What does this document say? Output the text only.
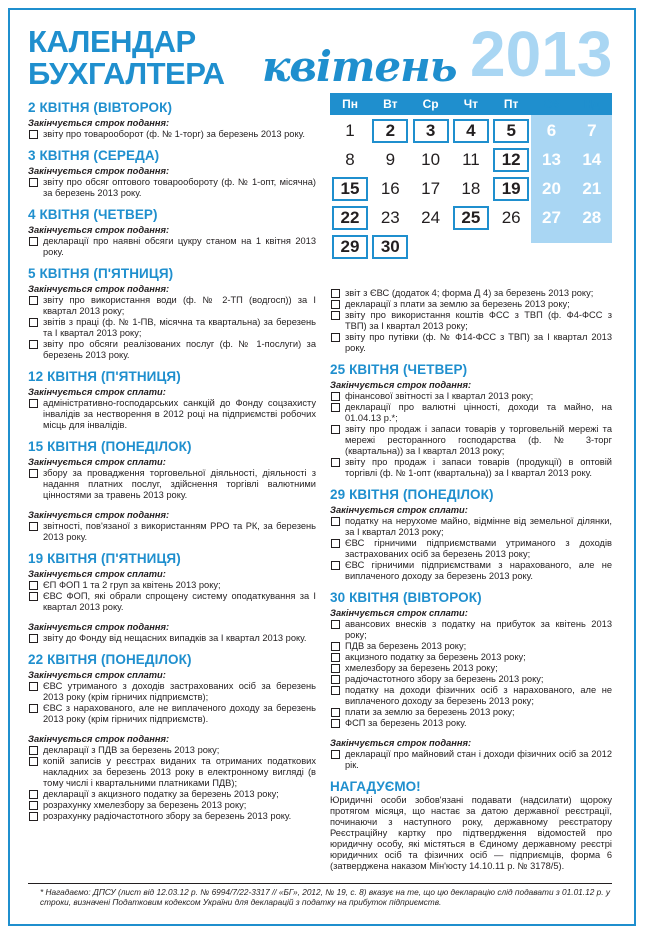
КАЛЕНДАР
БУХГАЛТЕРА квітень 2013
Пн	Вт	Ср	Чт	Пт	Сб	Нд
1	2	3	4	5	6	7
8	9	10	11	12	13	14
15	16	17	18	19	20	21
22	23	24	25	26	27	28
29	30
2 КВІТНЯ (ВІВТОРОК)
Закінчується строк подання:
звіту про товарооборот (ф. № 1-торг) за березень 2013 року.
3 КВІТНЯ (СЕРЕДА)
Закінчується строк подання:
звіту про обсяг оптового товарообороту (ф. № 1-опт, місячна) за березень 2013 року.
4 КВІТНЯ (ЧЕТВЕР)
Закінчується строк подання:
декларації про наявні обсяги цукру станом на 1 квітня 2013 року.
5 КВІТНЯ (П'ЯТНИЦЯ)
Закінчується строк подання:
звіту про використання води (ф. № 2-ТП (водгосп)) за I квартал 2013 року;
звітів з праці (ф. № 1-ПВ, місячна та квартальна) за березень та I квартал 2013 року;
звіту про обсяги реалізованих послуг (ф. № 1-послуги) за березень 2013 року.
12 КВІТНЯ (П'ЯТНИЦЯ)
Закінчується строк сплати:
адміністративно-господарських санкцій до Фонду соцзахисту інвалідів за нестворення в 2012 році на підприємстві робочих місць для інвалідів.
15 КВІТНЯ (ПОНЕДІЛОК)
Закінчується строк сплати:
збору за провадження торговельної діяльності, діяльності з надання платних послуг, здійснення торгівлі валютними цінностями за травень 2013 року.
Закінчується строк подання:
звітності, пов'язаної з використанням РРО та РК, за березень 2013 року.
19 КВІТНЯ (П'ЯТНИЦЯ)
Закінчується строк сплати:
ЄП ФОП 1 та 2 груп за квітень 2013 року;
ЄВС ФОП, які обрали спрощену систему оподаткування за I квартал 2013 року.
Закінчується строк подання:
звіту до Фонду від нещасних випадків за I квартал 2013 року.
22 КВІТНЯ (ПОНЕДІЛОК)
Закінчується строк сплати:
ЄВС утриманого з доходів застрахованих осіб за березень 2013 року (крім гірничих підприємств);
ЄВС з нарахованого, але не виплаченого доходу за березень 2013 року (крім гірничих підприємств).
Закінчується строк подання:
декларації з ПДВ за березень 2013 року;
копій записів у реєстрах виданих та отриманих податкових накладних за березень 2013 року в електронному вигляді (в тому числі і квартальними платниками ПДВ);
декларації з акцизного податку за березень 2013 року;
розрахунку хмелезбору за березень 2013 року;
розрахунку радіочастотного збору за березень 2013 року.
звіт з ЄВС (додаток 4; форма Д 4) за березень 2013 року;
декларації з плати за землю за березень 2013 року;
звіту про використання коштів ФСС з ТВП (ф. Ф4-ФСС з ТВП) за I квартал 2013 року;
звіту про путівки (ф. № Ф14-ФСС з ТВП) за I квартал 2013 року.
25 КВІТНЯ (ЧЕТВЕР)
Закінчується строк подання:
фінансової звітності за I квартал 2013 року;
декларації про валютні цінності, доходи та майно, на 01.04.13 р.*;
звіту про продаж і запаси товарів у торговельній мережі та мережі ресторанного господарства (ф. № 3-торг (квартальна)) за I квартал 2013 року;
звіту про продаж і запаси товарів (продукції) в оптовій торгівлі (ф. № 1-опт (квартальна)) за I квартал 2013 року.
29 КВІТНЯ (ПОНЕДІЛОК)
Закінчується строк сплати:
податку на нерухоме майно, відмінне від земельної ділянки, за I квартал 2013 року;
ЄВС гірничими підприємствами утриманого з доходів застрахованих осіб за березень 2013 року;
ЄВС гірничими підприємствами з нарахованого, але не виплаченого доходу за березень 2013 року.
30 КВІТНЯ (ВІВТОРОК)
Закінчується строк сплати:
авансових внесків з податку на прибуток за квітень 2013 року;
ПДВ за березень 2013 року;
акцизного податку за березень 2013 року;
хмелезбору за березень 2013 року;
радіочастотного збору за березень 2013 року;
податку на доходи фізичних осіб з нарахованого, але не виплаченого доходу за березень 2013 року;
плати за землю за березень 2013 року;
ФСП за березень 2013 року.
Закінчується строк подання:
декларації про майновий стан і доходи фізичних осіб за 2012 рік.
НАГАДУЄМО!
Юридичні особи зобов'язані подавати (надсилати) щороку протягом місяця, що настає за датою державної реєстрації, починаючи з наступного року, державному реєстратору Реєстраційну картку про підтвердження відомостей про юридичну особу, які містяться в Єдиному державному реєстрі юридичних осіб та фізичних осіб — підприємців, форма 6 (затверджена наказом Мін'юсту 14.10.11 р. № 3178/5).
* Нагадаємо: ДПСУ (лист від 12.03.12 р. № 6994/7/22-3317 // «БГ», 2012, № 19, с. 8) вказує на те, що цю декларацію слід подавати з 01.01.12 р. у строки, визначені Податковим кодексом України для декларацій з податку на прибуток підприємств.
